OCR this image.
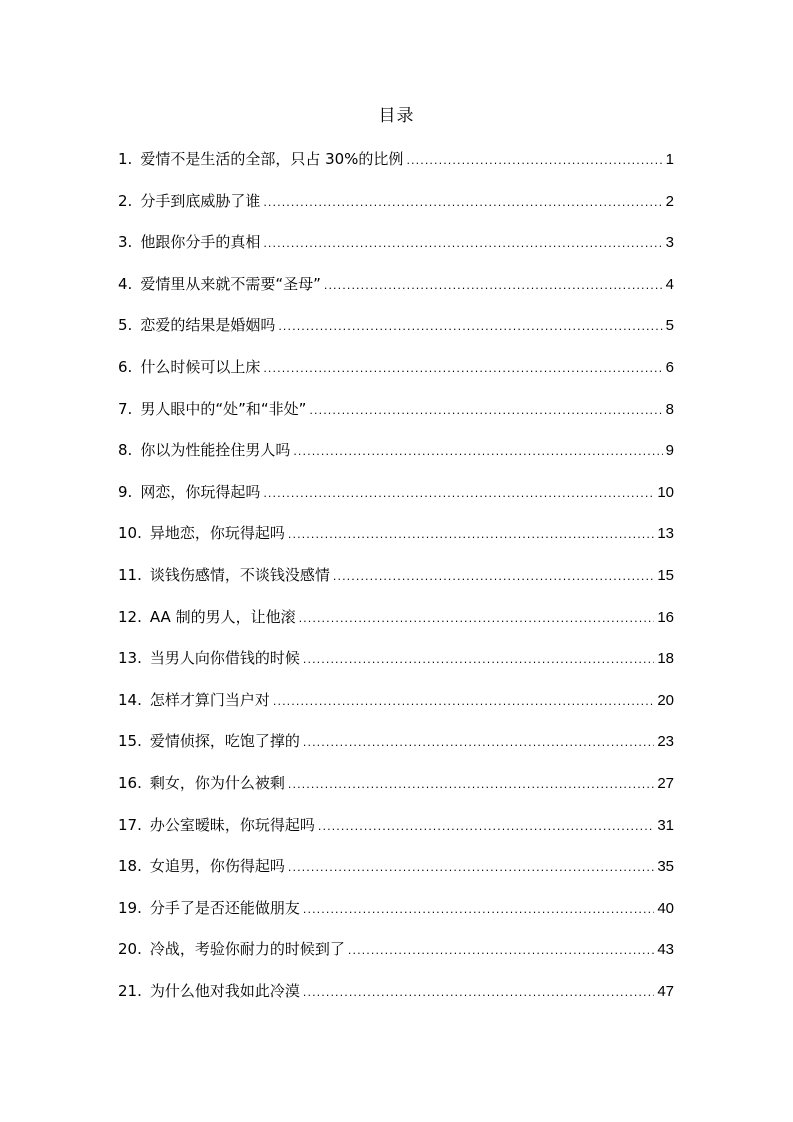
目录
1. 爱情不是生活的全部，只占 30%的比例 .....	1
2. 分手到底威胁了谁 .....	2
3. 他跟你分手的真相 .....	3
4. 爱情里从来就不需要“圣母” .....	4
5. 恋爱的结果是婚姻吗 .....	5
6. 什么时候可以上床 .....	6
7. 男人眼中的“处”和“非处” .....	8
8. 你以为性能拴住男人吗 .....	9
9. 网恋，你玩得起吗 .....	10
10. 异地恋，你玩得起吗 .....	13
11. 谈钱伤感情，不谈钱没感情 .....	15
12. AA 制的男人，让他滚 .....	16
13. 当男人向你借钱的时候 .....	18
14. 怎样才算门当户对 .....	20
15. 爱情侦探，吃饱了撑的 .....	23
16. 剩女，你为什么被剩 .....	27
17. 办公室暧昧，你玩得起吗 .....	31
18. 女追男，你伤得起吗 .....	35
19. 分手了是否还能做朋友 .....	40
20. 冷战，考验你耐力的时候到了 .....	43
21. 为什么他对我如此冷漠 .....	47
